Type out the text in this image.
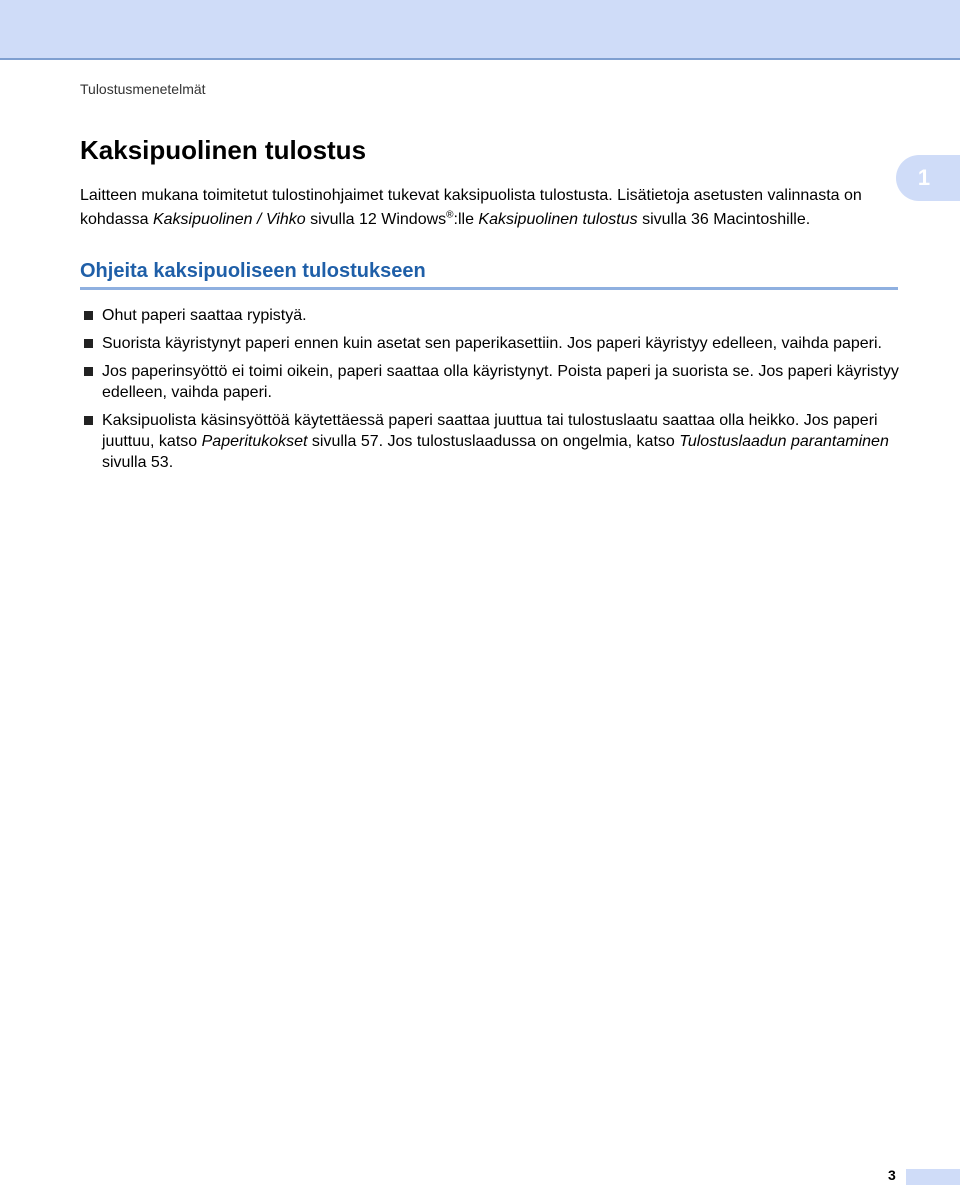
Tulostusmenetelmät
1
Kaksipuolinen tulostus

Laitteen mukana toimitetut tulostinohjaimet tukevat kaksipuolista tulostusta. Lisätietoja asetusten valinnasta on kohdassa Kaksipuolinen / Vihko sivulla 12 Windows®:lle Kaksipuolinen tulostus sivulla 36 Macintoshille.

Ohjeita kaksipuoliseen tulostukseen
Ohut paperi saattaa rypistyä.
Suorista käyristynyt paperi ennen kuin asetat sen paperikasettiin. Jos paperi käyristyy edelleen, vaihda paperi.
Jos paperinsyöttö ei toimi oikein, paperi saattaa olla käyristynyt. Poista paperi ja suorista se. Jos paperi käyristyy edelleen, vaihda paperi.
Kaksipuolista käsinsyöttöä käytettäessä paperi saattaa juuttua tai tulostuslaatu saattaa olla heikko. Jos paperi juuttuu, katso Paperitukokset sivulla 57. Jos tulostuslaadussa on ongelmia, katso Tulostuslaadun parantaminen sivulla 53.
3
